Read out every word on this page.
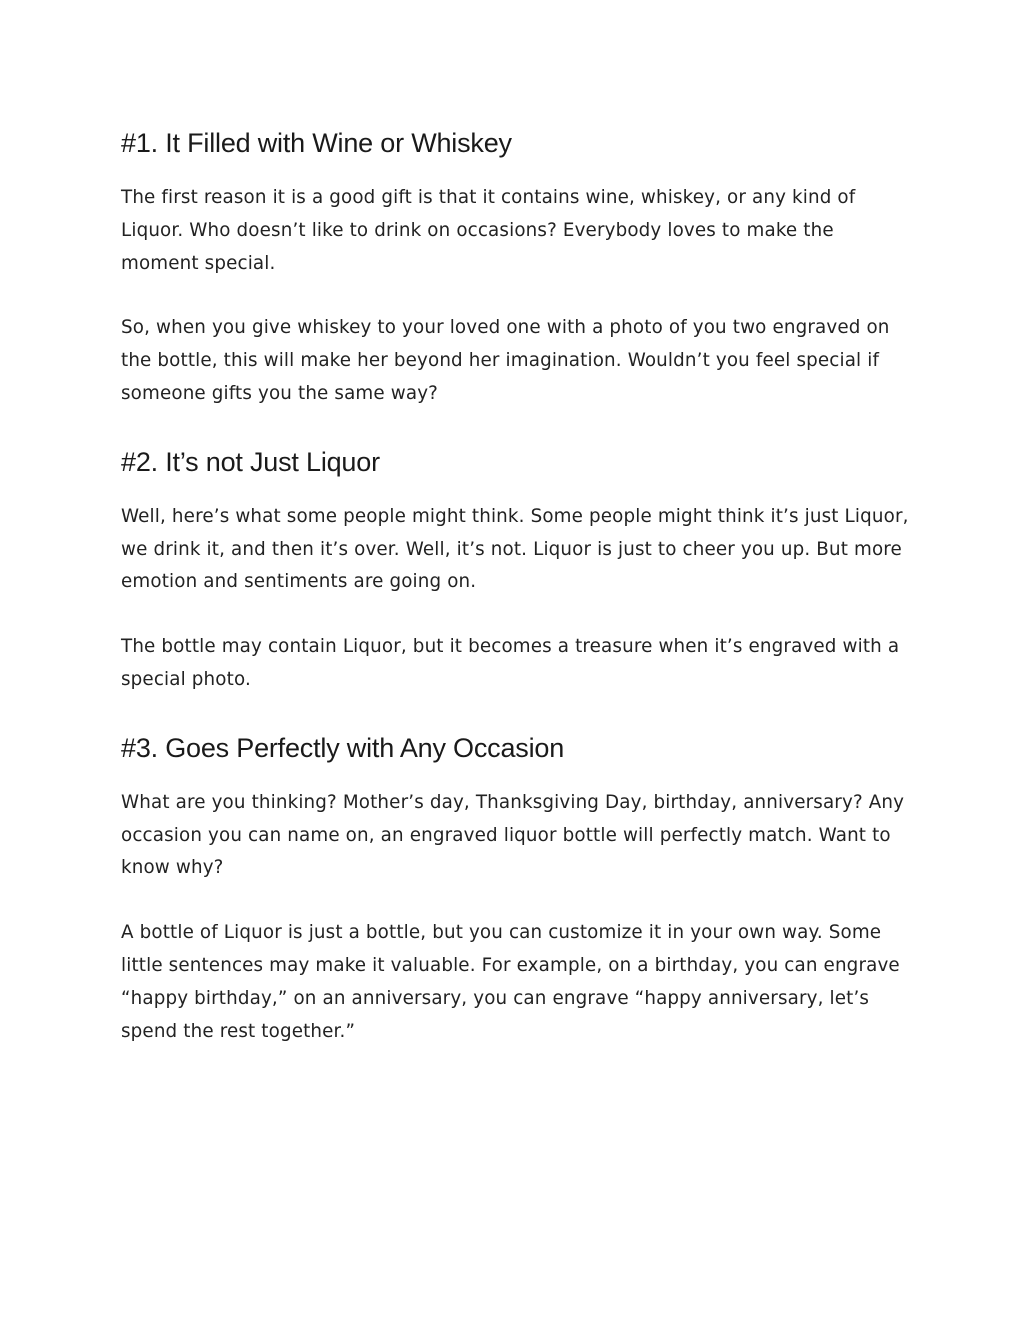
#1. It Filled with Wine or Whiskey

The first reason it is a good gift is that it contains wine, whiskey, or any kind of Liquor. Who doesn’t like to drink on occasions? Everybody loves to make the moment special.

So, when you give whiskey to your loved one with a photo of you two engraved on the bottle, this will make her beyond her imagination. Wouldn’t you feel special if someone gifts you the same way?

#2. It’s not Just Liquor

Well, here’s what some people might think. Some people might think it’s just Liquor, we drink it, and then it’s over. Well, it’s not. Liquor is just to cheer you up. But more emotion and sentiments are going on.

The bottle may contain Liquor, but it becomes a treasure when it’s engraved with a special photo.

#3. Goes Perfectly with Any Occasion

What are you thinking? Mother’s day, Thanksgiving Day, birthday, anniversary? Any occasion you can name on, an engraved liquor bottle will perfectly match. Want to know why?

A bottle of Liquor is just a bottle, but you can customize it in your own way. Some little sentences may make it valuable. For example, on a birthday, you can engrave “happy birthday,” on an anniversary, you can engrave “happy anniversary, let’s spend the rest together.”
